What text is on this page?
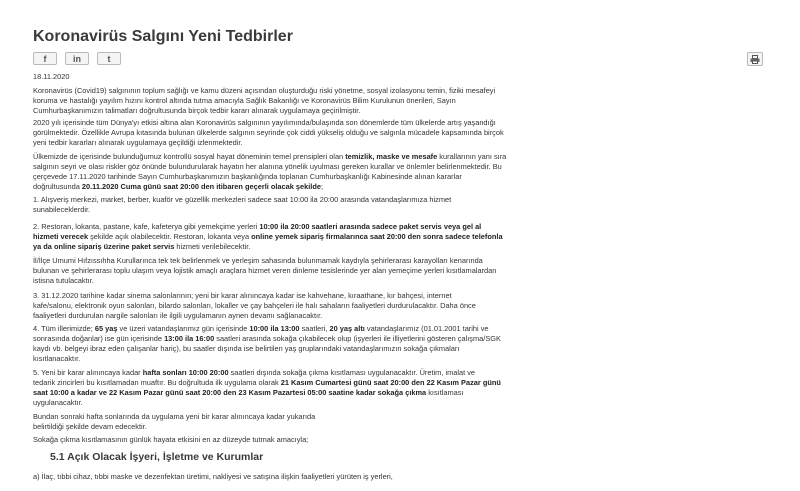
Koronavirüs Salgını Yeni Tedbirler
f	in	t
18.11.2020
Koronavirüs (Covid19) salgınının toplum sağlığı ve kamu düzeni açısından oluşturduğu riski yönetme, sosyal izolasyonu temin, fiziki mesafeyi
koruma ve hastalığı yayılım hızını kontrol altında tutma amacıyla Sağlık Bakanlığı ve Koronavirüs Bilim Kurulunun önerileri, Sayın
Cumhurbaşkanımızın talimatları doğrultusunda birçok tedbir kararı alınarak uygulamaya geçirilmiştir.
2020 yılı içerisinde tüm Dünya'yı etkisi altına alan Koronavirüs salgınının yayılımında/bulaşında son dönemlerde tüm ülkelerde artış yaşandığı
görülmektedir. Özellikle Avrupa kıtasında bulunan ülkelerde salgının seyrinde çok ciddi yükseliş olduğu ve salgınla mücadele kapsamında birçok
yeni tedbir kararları alınarak uygulamaya geçildiği izlenmektedir.
Ülkemizde de içerisinde bulunduğumuz kontrollü sosyal hayat döneminin temel prensipleri olan temizlik, maske ve mesafe kurallarının yanı sıra
salgının seyri ve olası riskler göz önünde bulundurularak hayatın her alanına yönelik uyulması gereken kurallar ve önlemler belirlenmektedir. Bu
çerçevede 17.11.2020 tarihinde Sayın Cumhurbaşkanımızın başkanlığında toplanan Cumhurbaşkanlığı Kabinesinde alınan kararlar
doğrultusunda 20.11.2020 Cuma günü saat 20:00 den itibaren geçerli olacak şekilde;
1. Alışveriş merkezi, market, berber, kuaför ve güzellik merkezleri sadece saat 10:00 ila 20:00 arasında vatandaşlarımıza hizmet
sunabileceklerdir.
2. Restoran, lokanta, pastane, kafe, kafeterya gibi yemekçime yerleri 10:00 ila 20:00 saatleri arasında sadece paket servis veya gel al
hizmeti verecek şekilde açık olabilecektir. Restoran, lokanta veya online yemek sipariş firmalarınca saat 20:00 den sonra sadece telefonla
ya da online sipariş üzerine paket servis hizmeti verilebilecektir.
İl/İlçe Umumi Hıfzıssıhha Kurullarınca tek tek belirlenmek ve yerleşim sahasında bulunmamak kaydıyla şehirlerarası karayolları kenarında
bulunan ve şehirlerarası toplu ulaşım veya lojistik amaçlı araçlara hizmet veren dinleme tesislerinde yer alan yemeçime yerleri kısıtlamalardan
istisna tutulacaktır.
3. 31.12.2020 tarihine kadar sinema salonlarının; yeni bir karar alınıncaya kadar ise kahvehane, kıraathane, kır bahçesi, internet
kafe/salonu, elektronik oyun salonları, bilardo salonları, lokaller ve çay bahçeleri ile halı sahaların faaliyetleri durdurulacaktır. Daha önce
faaliyetleri durdurulan nargile salonları ile ilgili uygulamanın aynen devamı sağlanacaktır.
4. Tüm illerimizde; 65 yaş ve üzeri vatandaşlarımız gün içerisinde 10:00 ila 13:00 saatleri, 20 yaş altı vatandaşlarımız (01.01.2001 tarihi ve
sonrasında doğanlar) ise gün içerisinde 13:00 ila 16:00 saatleri arasında sokağa çıkabilecek olup (işyerleri ile illiyetlerini gösteren çalışma/SGK
kaydı vb. belgeyi ibraz eden çalışanlar hariç), bu saatler dışında ise belirtilen yaş gruplarındaki vatandaşlarımızın sokağa çıkmaları
kısıtlanacaktır.
5. Yeni bir karar alınıncaya kadar hafta sonları 10:00 20:00 saatleri dışında sokağa çıkma kısıtlaması uygulanacaktır. Üretim, imalat ve
tedarik zincirleri bu kısıtlamadan muaftır. Bu doğrultuda ilk uygulama olarak 21 Kasım Cumartesi günü saat 20:00 den 22 Kasım Pazar günü
saat 10:00 a kadar ve 22 Kasım Pazar günü saat 20:00 den 23 Kasım Pazartesi 05:00 saatine kadar sokağa çıkma kısıtlaması
uygulanacaktır.
Bundan sonraki hafta sonlarında da uygulama yeni bir karar alınıncaya kadar yukarıda
belirtildiği şekilde devam edecektir.
Sokağa çıkma kısıtlamasının günlük hayata etkisini en az düzeyde tutmak amacıyla;
a) İlaç, tıbbi cihaz, tıbbi maske ve dezenfektan üretimi, nakliyesi ve satışına ilişkin faaliyetleri yürüten iş yerleri,
5.1 Açık Olacak İşyeri, İşletme ve Kurumlar
